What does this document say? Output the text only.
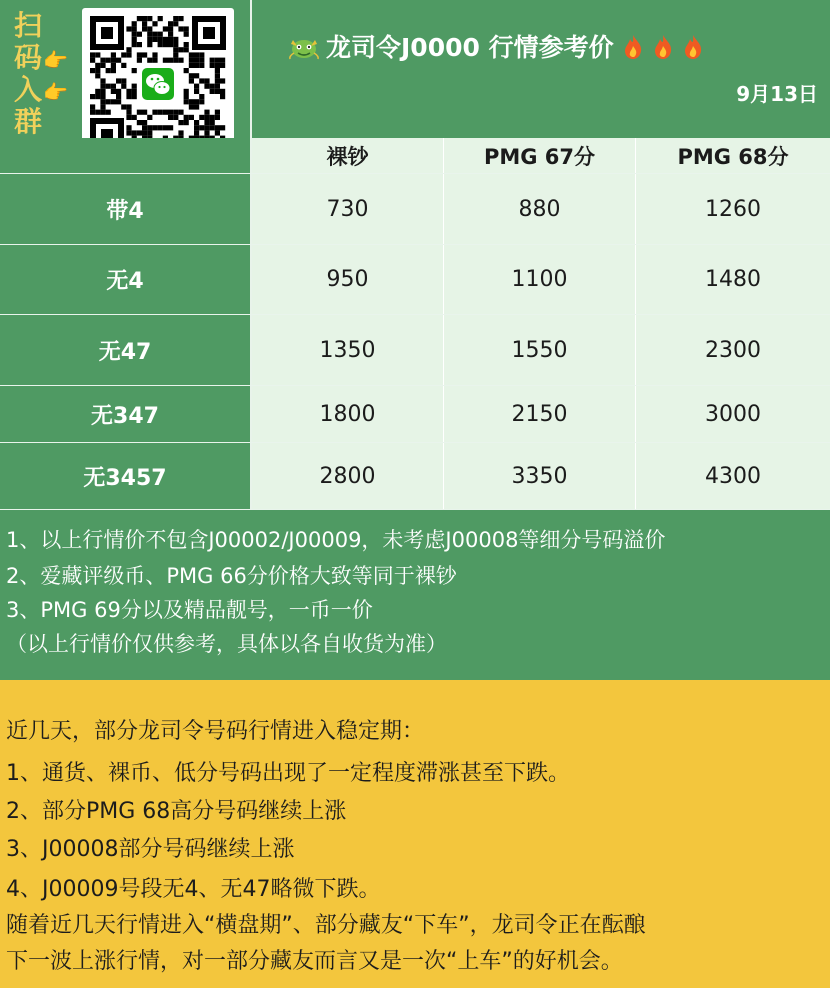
扫
码👉
入👉
群
龙司令J0000 行情参考价
9月13日
裸钞	PMG 67分	PMG 68分
带4	730	880	1260
无4	950	1100	1480
无47	1350	1550	2300
无347	1800	2150	3000
无3457	2800	3350	4300
1、以上行情价不包含J00002/J00009，未考虑J00008等细分号码溢价
2、爱藏评级币、PMG 66分价格大致等同于裸钞
3、PMG 69分以及精品靓号，一币一价
（以上行情价仅供参考，具体以各自收货为准）
近几天，部分龙司令号码行情进入稳定期：
1、通货、裸币、低分号码出现了一定程度滞涨甚至下跌。
2、部分PMG 68高分号码继续上涨
3、J00008部分号码继续上涨
4、J00009号段无4、无47略微下跌。
随着近几天行情进入“横盘期”、部分藏友“下车”，龙司令正在酝酿
下一波上涨行情，对一部分藏友而言又是一次“上车”的好机会。
